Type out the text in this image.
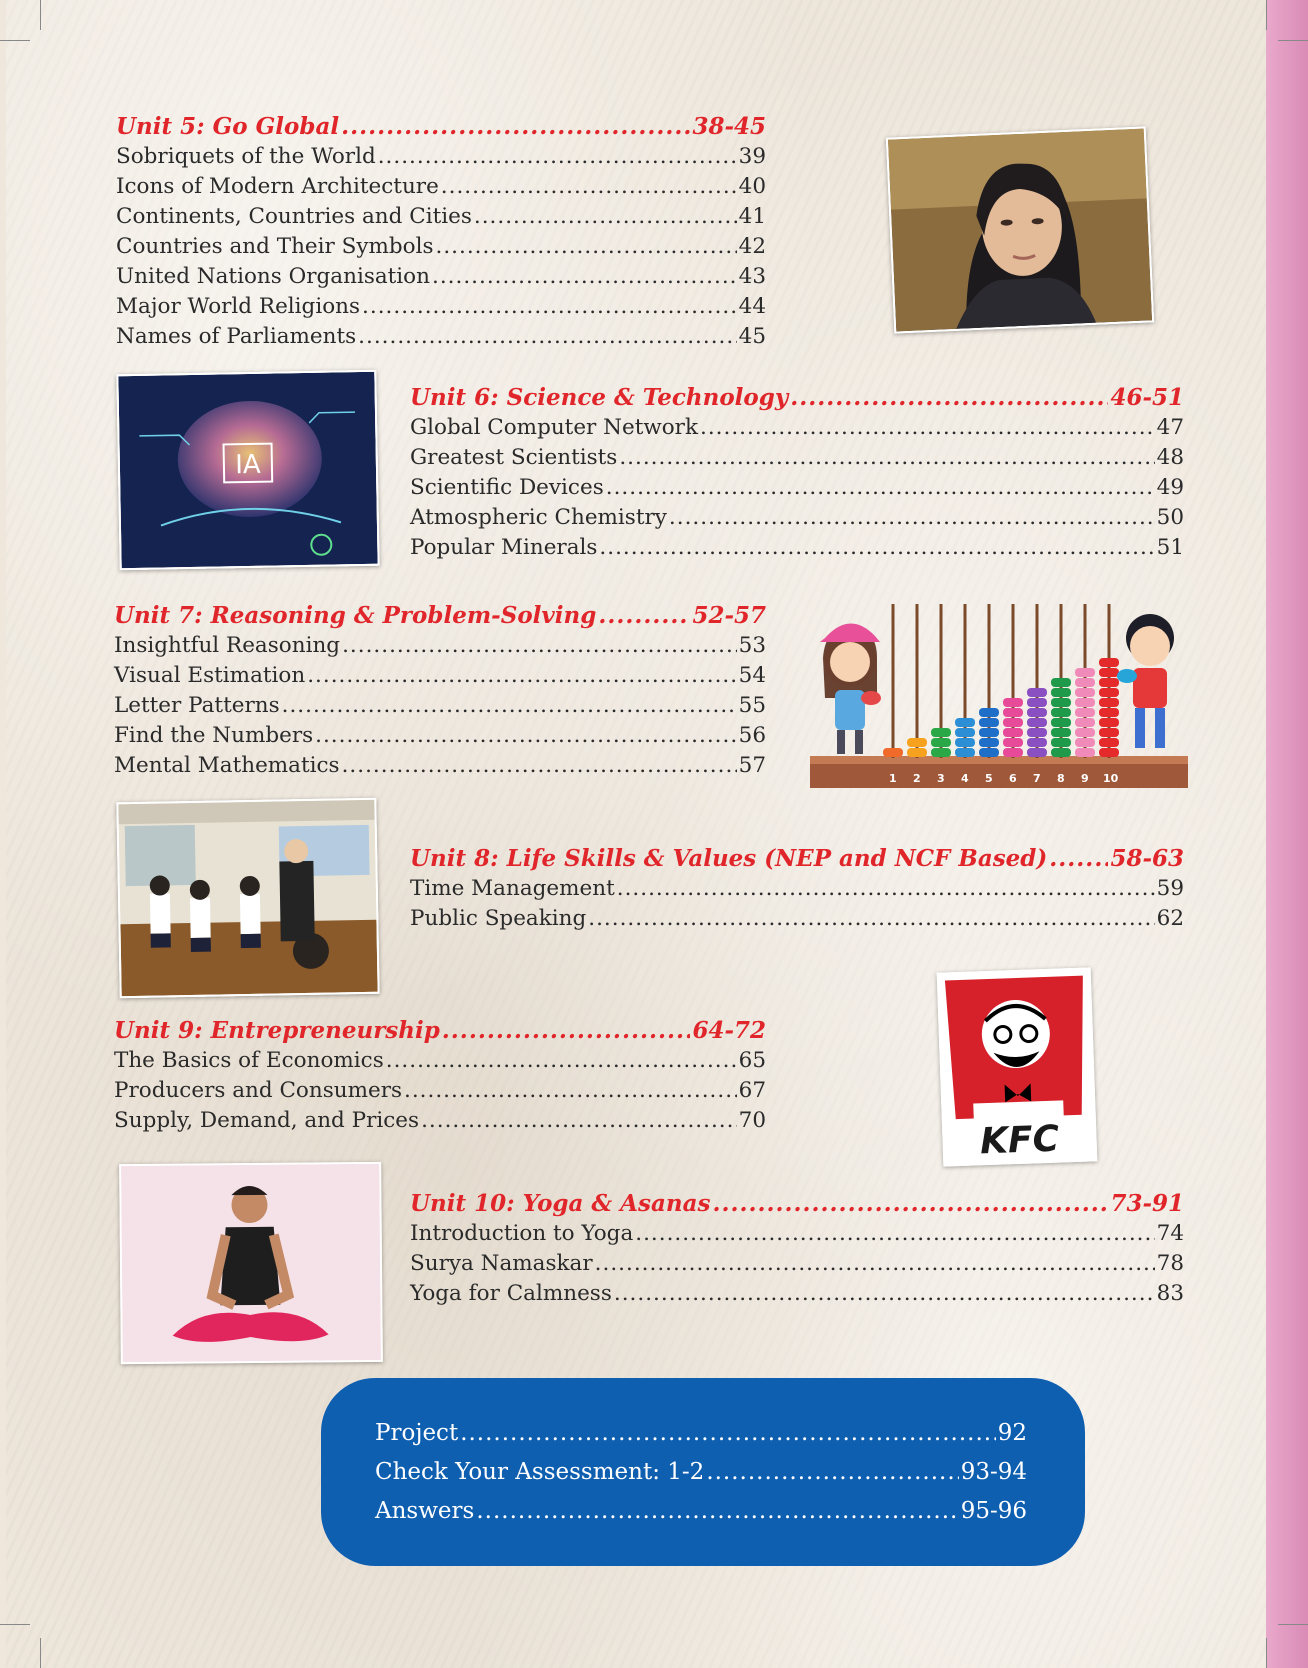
Unit 5: Go Global .....	38-45
Sobriquets of the World .....	39
Icons of Modern Architecture .....	40
Continents, Countries and Cities .....	41
Countries and Their Symbols .....	42
United Nations Organisation .....	43
Major World Religions .....	44
Names of Parliaments .....	45
IA
Unit 6: Science & Technology .....	46-51
Global Computer Network .....	47
Greatest Scientists .....	48
Scientific Devices .....	49
Atmospheric Chemistry .....	50
Popular Minerals .....	51
Unit 7: Reasoning & Problem-Solving .....	52-57
Insightful Reasoning .....	53
Visual Estimation .....	54
Letter Patterns .....	55
Find the Numbers .....	56
Mental Mathematics .....	57
1 2 3 4 5 6 7 8 9 10
Unit 8: Life Skills & Values (NEP and NCF Based) .....	58-63
Time Management .....	59
Public Speaking .....	62
KFC
Unit 9: Entrepreneurship .....	64-72
The Basics of Economics .....	65
Producers and Consumers .....	67
Supply, Demand, and Prices .....	70
Unit 10: Yoga & Asanas .....	73-91
Introduction to Yoga .....	74
Surya Namaskar .....	78
Yoga for Calmness .....	83
Project .....	92
Check Your Assessment: 1-2 .....	93-94
Answers .....	95-96
